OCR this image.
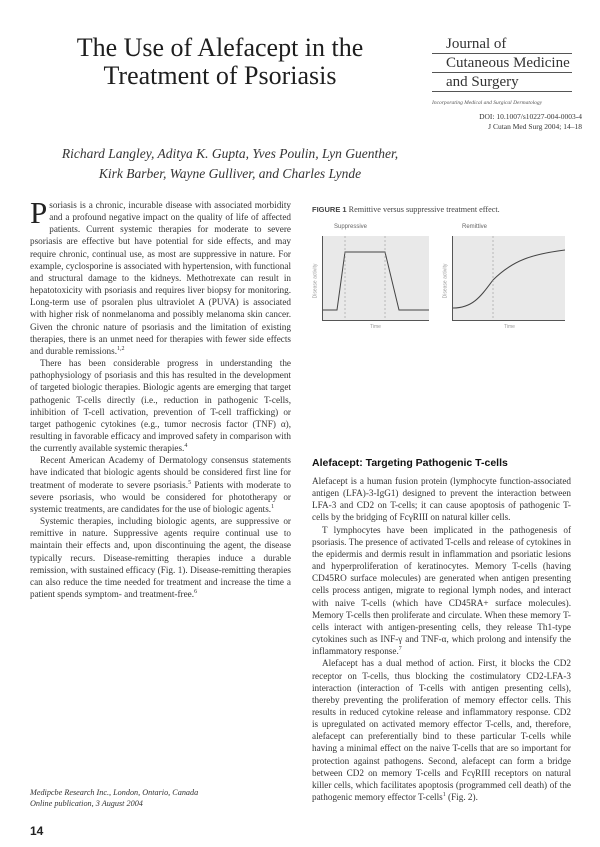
The Use of Alefacept in the
Treatment of Psoriasis
Journal of
Cutaneous Medicine
and Surgery
Incorporating Medical and Surgical Dermatology
DOI: 10.1007/s10227-004-0003-4
J Cutan Med Surg 2004; 14–18
Richard Langley, Aditya K. Gupta, Yves Poulin, Lyn Guenther,
Kirk Barber, Wayne Gulliver, and Charles Lynde

Psoriasis is a chronic, incurable disease with associated morbidity and a profound negative impact on the quality of life of affected patients. Current systemic therapies for moderate to severe psoriasis are effective but have potential for side effects, and may require chronic, continual use, as most are suppressive in nature. For example, cyclosporine is associated with hypertension, with functional and structural damage to the kidneys. Methotrexate can result in hepatotoxicity with psoriasis and requires liver biopsy for monitoring. Long-term use of psoralen plus ultraviolet A (PUVA) is associated with higher risk of nonmelanoma and possibly melanoma skin cancer. Given the chronic nature of psoriasis and the limitation of existing therapies, there is an unmet need for therapies with fewer side effects and durable remissions.$^{1,2}$

There has been considerable progress in understanding the pathophysiology of psoriasis and this has resulted in the development of targeted biologic therapies. Biologic agents are emerging that target pathogenic T-cells directly (i.e., reduction in pathogenic T-cells, inhibition of T-cell activation, prevention of T-cell trafficking) or target pathogenic cytokines (e.g., tumor necrosis factor (TNF) α), resulting in favorable efficacy and improved safety in comparison with the currently available systemic therapies.$^4$

Recent American Academy of Dermatology consensus statements have indicated that biologic agents should be considered first line for treatment of moderate to severe psoriasis.$^5$ Patients with moderate to severe psoriasis, who would be considered for phototherapy or systemic treatments, are candidates for the use of biologic agents.$^1$

Systemic therapies, including biologic agents, are suppressive or remittive in nature. Suppressive agents require continual use to maintain their effects and, upon discontinuing the agent, the disease typically recurs. Disease-remitting therapies induce a durable remission, with sustained efficacy (Fig. 1). Disease-remitting therapies can also reduce the time needed for treatment and increase the time a patient spends symptom- and treatment-free.$^6$

Medipcbe Research Inc., London, Ontario, Canada
Online publication, 3 August 2004
14
FIGURE 1 Remittive versus suppressive treatment effect.
Suppressive
Disease activity
Time
Remittive
Disease activity
Time
Alefacept: Targeting Pathogenic T-cells

Alefacept is a human fusion protein (lymphocyte function-associated antigen (LFA)-3-IgG1) designed to prevent the interaction between LFA-3 and CD2 on T-cells; it can cause apoptosis of pathogenic T-cells by the bridging of FcγRIII on natural killer cells.

T lymphocytes have been implicated in the pathogenesis of psoriasis. The presence of activated T-cells and release of cytokines in the epidermis and dermis result in inflammation and psoriatic lesions and hyperproliferation of keratinocytes. Memory T-cells (having CD45RO surface molecules) are generated when antigen presenting cells process antigen, migrate to regional lymph nodes, and interact with naive T-cells (which have CD45RA+ surface molecules). Memory T-cells then proliferate and circulate. When these memory T-cells interact with antigen-presenting cells, they release Th1-type cytokines such as INF-γ and TNF-α, which prolong and intensify the inflammatory response.$^7$

Alefacept has a dual method of action. First, it blocks the CD2 receptor on T-cells, thus blocking the costimulatory CD2-LFA-3 interaction (interaction of T-cells with antigen presenting cells), thereby preventing the proliferation of memory effector cells. This results in reduced cytokine release and inflammatory response. CD2 is upregulated on activated memory effector T-cells, and, therefore, alefacept can preferentially bind to these particular T-cells while having a minimal effect on the naive T-cells that are so important for protection against pathogens. Second, alefacept can form a bridge between CD2 on memory T-cells and FcγRIII receptors on natural killer cells, which facilitates apoptosis (programmed cell death) of the pathogenic memory effector T-cells$^1$ (Fig. 2).
